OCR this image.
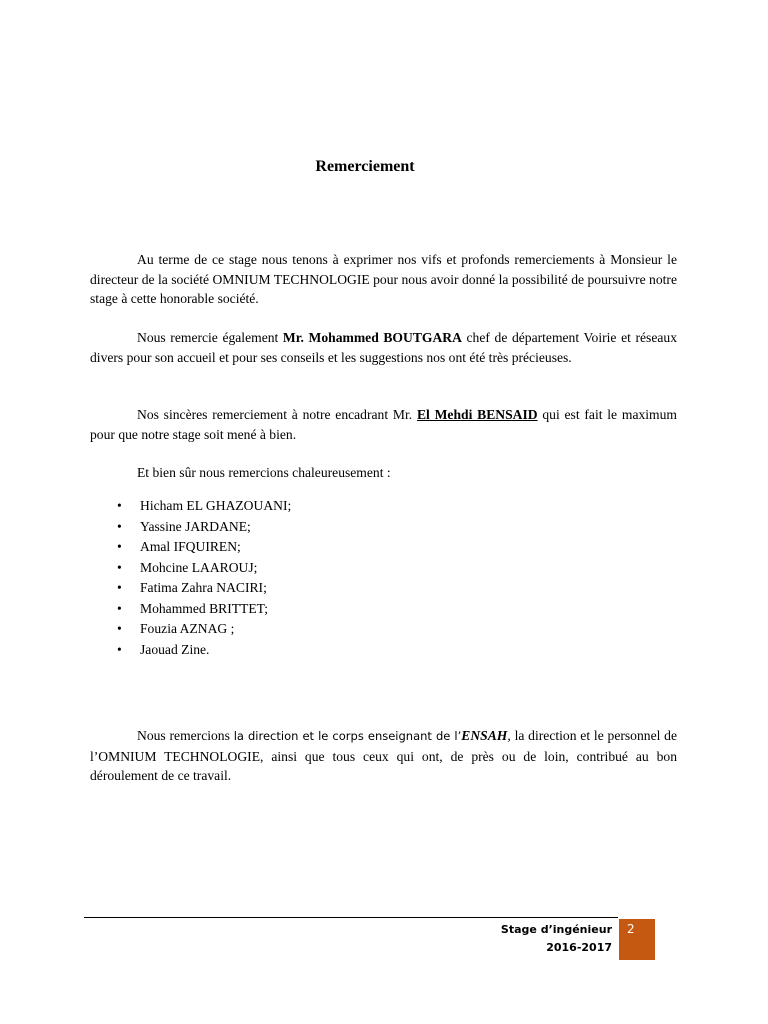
Remerciement

Au terme de ce stage nous tenons à exprimer nos vifs et profonds remerciements à Monsieur le directeur de la société OMNIUM TECHNOLOGIE pour nous avoir donné la possibilité de poursuivre notre stage à cette honorable société.

Nous remercie également Mr. Mohammed BOUTGARA chef de département Voirie et réseaux divers pour son accueil et pour ses conseils et les suggestions nos ont été très précieuses.

Nos sincères remerciement à notre encadrant Mr. El Mehdi BENSAID qui est fait le maximum pour que notre stage soit mené à bien.

Et bien sûr nous remercions chaleureusement :

• Hicham EL GHAZOUANI;
• Yassine JARDANE;
• Amal IFQUIREN;
• Mohcine LAAROUJ;
• Fatima Zahra NACIRI;
• Mohammed BRITTET;
• Fouzia AZNAG ;
• Jaouad Zine.

Nous remercions la direction et le corps enseignant de l’ENSAH, la direction et le personnel de l’OMNIUM TECHNOLOGIE, ainsi que tous ceux qui ont, de près ou de loin, contribué au bon déroulement de ce travail.

Stage d’ingénieur
2016-2017
2
